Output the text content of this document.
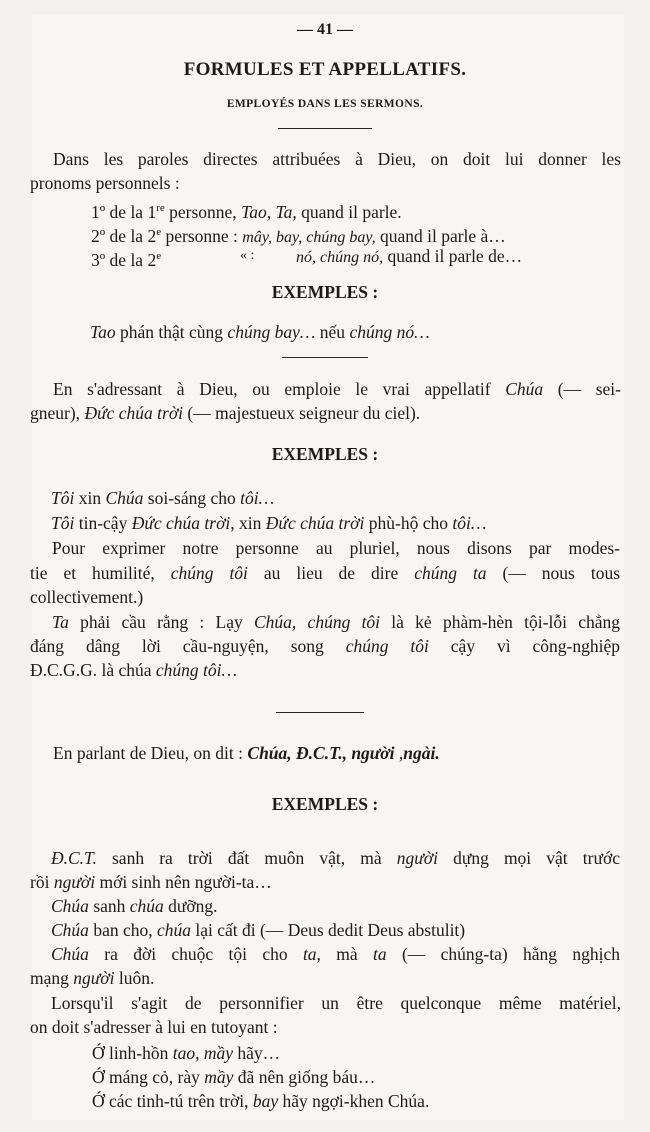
— 41 —
FORMULES ET APPELLATIFS.
EMPLOYÉS DANS LES SERMONS.
Dans les paroles directes attribuées à Dieu, on doit lui donner les
pronoms personnels :
1º de la 1re personne, Tao, Ta, quand il parle.
2º de la 2e personne : mây, bay, chúng bay, quand il parle à…
3º de la 2e	« :	nó, chúng nó, quand il parle de…
EXEMPLES :
Tao phán thật cùng chúng bay… nếu chúng nó…
En s'adressant à Dieu, ou emploie le vrai appellatif Chúa (— sei-
gneur), Đức chúa trời (— majestueux seigneur du ciel).
EXEMPLES :
Tôi xin Chúa soi-sáng cho tôi…
Tôi tin-cậy Đức chúa trời, xin Đức chúa trời phù-hộ cho tôi…
Pour exprimer notre personne au pluriel, nous disons par modes-
tie et humilité, chúng tôi au lieu de dire chúng ta (— nous tous
collectivement.)
Ta phải cầu rằng : Lạy Chúa, chúng tôi là kẻ phàm-hèn tội-lỗi chẳng
đáng dâng lời cầu-nguyện, song chúng tôi cậy vì công-nghiệp
Đ.C.G.G. là chúa chúng tôi…
En parlant de Dieu, on dit : Chúa, Đ.C.T., người ,ngài.
EXEMPLES :
Đ.C.T. sanh ra trời đất muôn vật, mà người dựng mọi vật trước
rồi người mới sinh nên người-ta…
Chúa sanh chúa dưỡng.
Chúa ban cho, chúa lại cất đi (— Deus dedit Deus abstulit)
Chúa ra đời chuộc tội cho ta, mà ta (— chúng-ta) hằng nghịch
mạng người luôn.
Lorsqu'il s'agit de personnifier un être quelconque même matériel,
on doit s'adresser à lui en tutoyant :
Ớ linh-hồn tao, mầy hãy…
Ớ máng cỏ, rày mầy đã nên giống báu…
Ớ các tinh-tú trên trời, bay hãy ngợi-khen Chúa.
